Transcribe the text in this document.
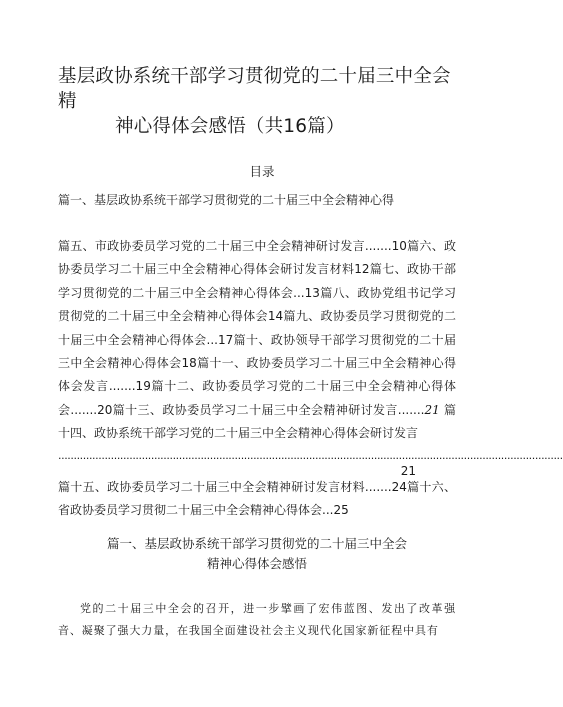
基层政协系统干部学习贯彻党的二十届三中全会精
神心得体会感悟（共16篇）
目录
篇一、基层政协系统干部学习贯彻党的二十届三中全会精神心得
篇五、市政协委员学习党的二十届三中全会精神研讨发言.......10篇六、政协委员学习二十届三中全会精神心得体会研讨发言材料12篇七、政协干部学习贯彻党的二十届三中全会精神心得体会...13篇八、政协党组书记学习贯彻党的二十届三中全会精神心得体会14篇九、政协委员学习贯彻党的二十届三中全会精神心得体会...17篇十、政协领导干部学习贯彻党的二十届三中全会精神心得体会18篇十一、政协委员学习二十届三中全会精神心得体会发言.......19篇十二、政协委员学习党的二十届三中全会精神心得体会.......20篇十三、政协委员学习二十届三中全会精神研讨发言.......21 篇十四、政协系统干部学习党的二十届三中全会精神心得体会研讨发言
...................................................................................................................................................................
21
篇十五、政协委员学习二十届三中全会精神研讨发言材料.......24篇十六、省政协委员学习贯彻二十届三中全会精神心得体会...25
篇一、基层政协系统干部学习贯彻党的二十届三中全会
精神心得体会感悟

党的二十届三中全会的召开，进一步擘画了宏伟蓝图、发出了改革强音、凝聚了强大力量，在我国全面建设社会主义现代化国家新征程中具有
